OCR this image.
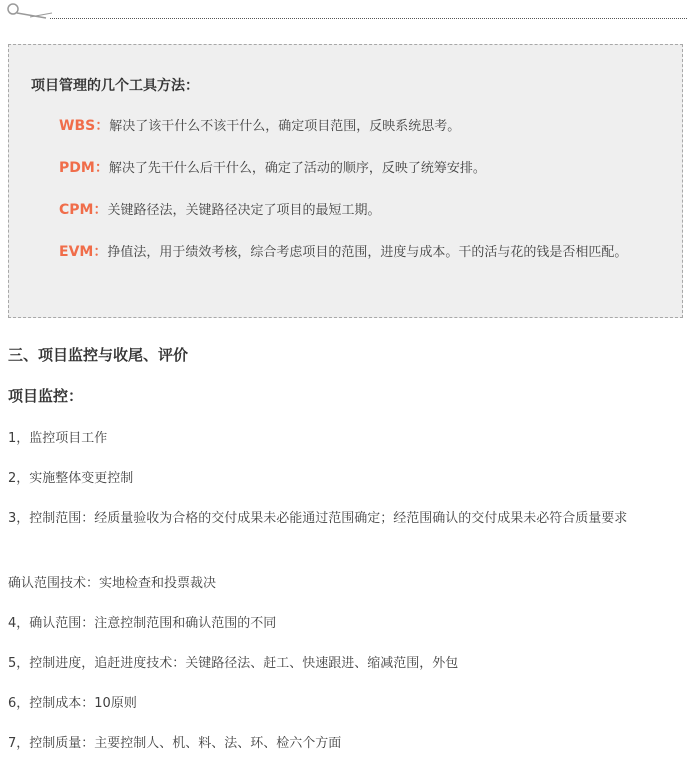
项目管理的几个工具方法：
WBS：解决了该干什么不该干什么，确定项目范围，反映系统思考。
PDM：解决了先干什么后干什么，确定了活动的顺序，反映了统筹安排。
CPM：关键路径法，关键路径决定了项目的最短工期。
EVM：挣值法，用于绩效考核，综合考虑项目的范围，进度与成本。干的活与花的钱是否相匹配。
三、项目监控与收尾、评价
项目监控：
1，监控项目工作
2，实施整体变更控制
3，控制范围：经质量验收为合格的交付成果未必能通过范围确定；经范围确认的交付成果未必符合质量要求
确认范围技术：实地检查和投票裁决
4，确认范围：注意控制范围和确认范围的不同
5，控制进度，追赶进度技术：关键路径法、赶工、快速跟进、缩减范围，外包
6，控制成本：10原则
7，控制质量：主要控制人、机、料、法、环、检六个方面
